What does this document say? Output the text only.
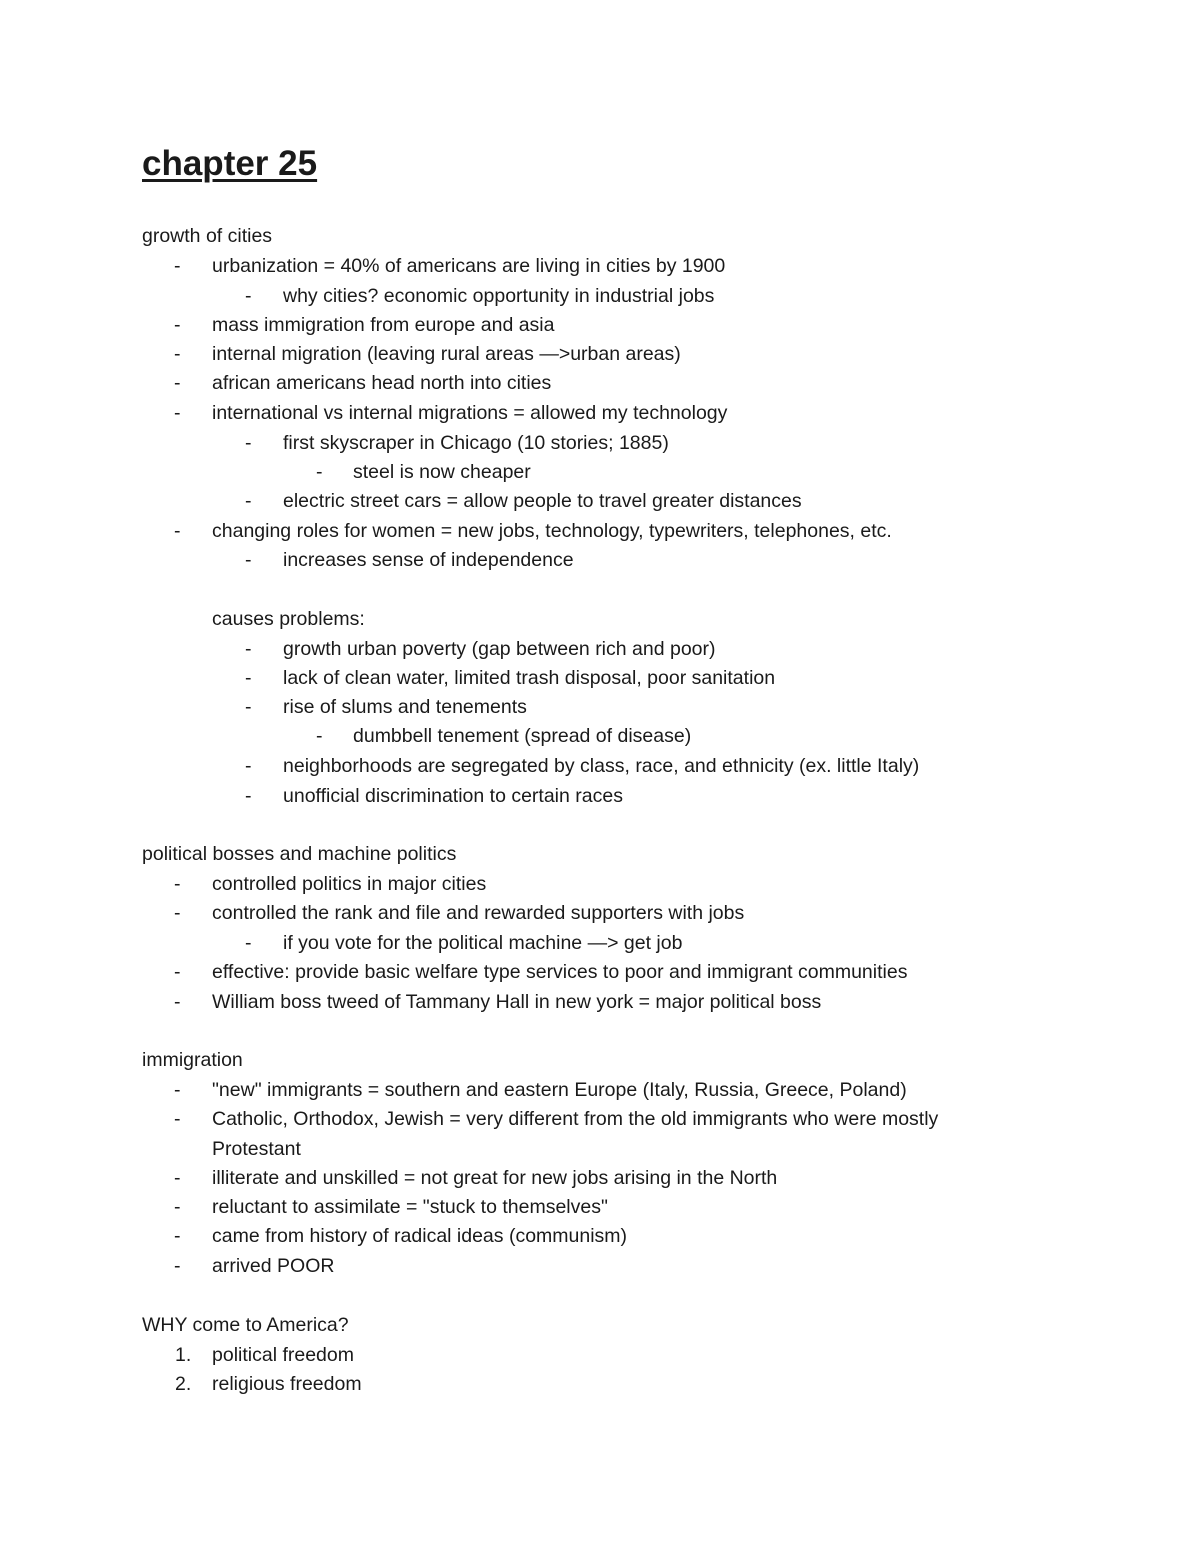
chapter 25
growth of cities
-	urbanization = 40% of americans are living in cities by 1900
-	why cities? economic opportunity in industrial jobs
-	mass immigration from europe and asia
-	internal migration (leaving rural areas —>urban areas)
-	african americans head north into cities
-	international vs internal migrations = allowed my technology
-	first skyscraper in Chicago (10 stories; 1885)
-	steel is now cheaper
-	electric street cars = allow people to travel greater distances
-	changing roles for women = new jobs, technology, typewriters, telephones, etc.
-	increases sense of independence
causes problems:
-	growth urban poverty (gap between rich and poor)
-	lack of clean water, limited trash disposal, poor sanitation
-	rise of slums and tenements
-	dumbbell tenement (spread of disease)
-	neighborhoods are segregated by class, race, and ethnicity (ex. little Italy)
-	unofficial discrimination to certain races
political bosses and machine politics
-	controlled politics in major cities
-	controlled the rank and file and rewarded supporters with jobs
-	if you vote for the political machine —> get job
-	effective: provide basic welfare type services to poor and immigrant communities
-	William boss tweed of Tammany Hall in new york = major political boss
immigration
-	"new" immigrants = southern and eastern Europe (Italy, Russia, Greece, Poland)
-	Catholic, Orthodox, Jewish = very different from the old immigrants who were mostly
Protestant
-	illiterate and unskilled = not great for new jobs arising in the North
-	reluctant to assimilate = "stuck to themselves"
-	came from history of radical ideas (communism)
-	arrived POOR
WHY come to America?
1.	political freedom
2.	religious freedom
